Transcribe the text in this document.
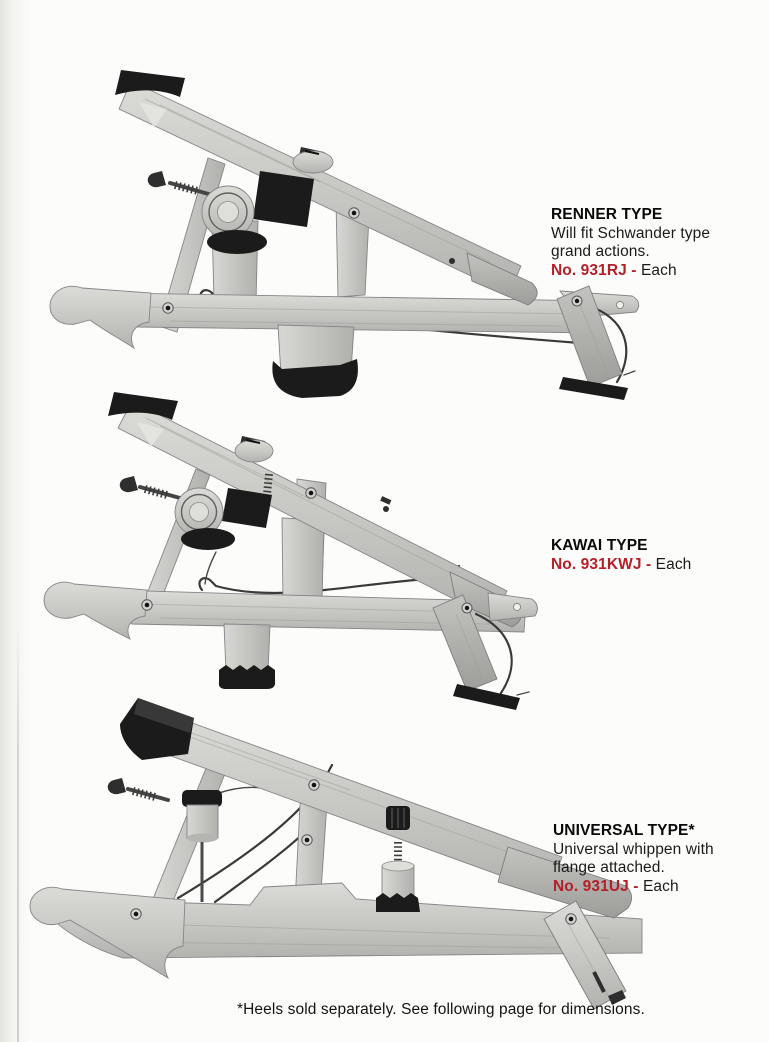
RENNER TYPE
Will fit Schwander type
grand actions.
No. 931RJ - Each
KAWAI TYPE
No. 931KWJ - Each
UNIVERSAL TYPE*
Universal whippen with
flange attached.
No. 931UJ - Each
*Heels sold separately. See following page for dimensions.
